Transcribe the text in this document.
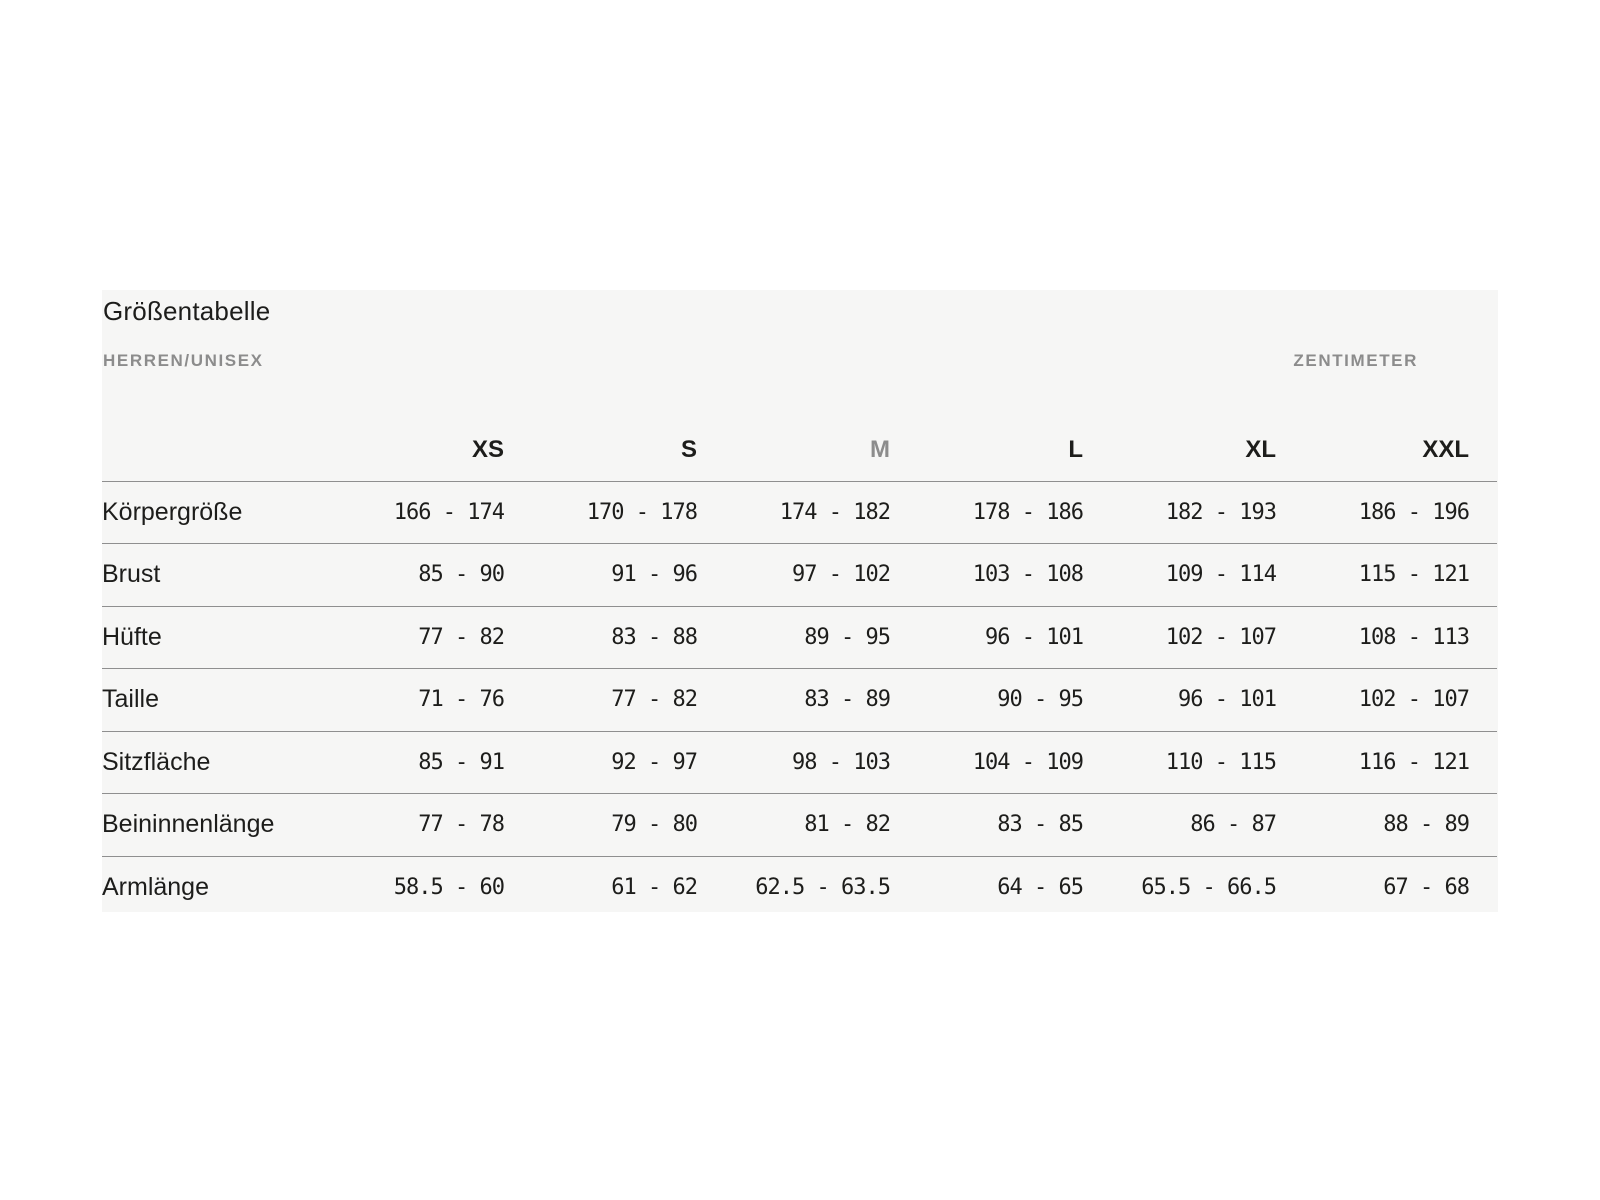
Größentabelle
HERREN/UNISEX	ZENTIMETER
	XS	S	M	L	XL	XXL
Körpergröße	166 - 174	170 - 178	174 - 182	178 - 186	182 - 193	186 - 196
Brust	85 - 90	91 - 96	97 - 102	103 - 108	109 - 114	115 - 121
Hüfte	77 - 82	83 - 88	89 - 95	96 - 101	102 - 107	108 - 113
Taille	71 - 76	77 - 82	83 - 89	90 - 95	96 - 101	102 - 107
Sitzfläche	85 - 91	92 - 97	98 - 103	104 - 109	110 - 115	116 - 121
Beininnenlänge	77 - 78	79 - 80	81 - 82	83 - 85	86 - 87	88 - 89
Armlänge	58.5 - 60	61 - 62	62.5 - 63.5	64 - 65	65.5 - 66.5	67 - 68
